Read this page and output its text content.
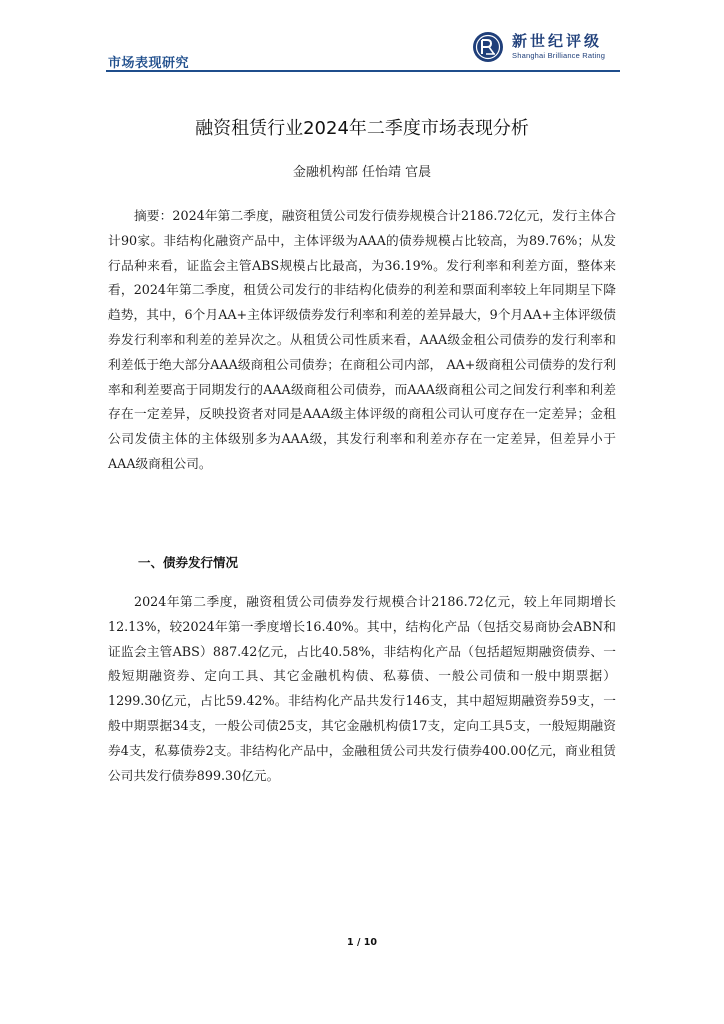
市场表现研究
新世纪评级
Shanghai Brilliance Rating
融资租赁行业2024年二季度市场表现分析
金融机构部 任怡靖 官晨

摘要：2024年第二季度，融资租赁公司发行债券规模合计2186.72亿元，发行主体合计90家。非结构化融资产品中，主体评级为AAA的债券规模占比较高，为89.76%；从发行品种来看，证监会主管ABS规模占比最高，为36.19%。发行利率和利差方面，整体来看，2024年第二季度，租赁公司发行的非结构化债券的利差和票面利率较上年同期呈下降趋势，其中，6个月AA+主体评级债券发行利率和利差的差异最大，9个月AA+主体评级债券发行利率和利差的差异次之。从租赁公司性质来看，AAA级金租公司债券的发行利率和利差低于绝大部分AAA级商租公司债券；在商租公司内部， AA+级商租公司债券的发行利率和利差要高于同期发行的AAA级商租公司债券，而AAA级商租公司之间发行利率和利差存在一定差异，反映投资者对同是AAA级主体评级的商租公司认可度存在一定差异；金租公司发债主体的主体级别多为AAA级，其发行利率和利差亦存在一定差异，但差异小于AAA级商租公司。

一、债券发行情况

2024年第二季度，融资租赁公司债券发行规模合计2186.72亿元，较上年同期增长12.13%，较2024年第一季度增长16.40%。其中，结构化产品（包括交易商协会ABN和证监会主管ABS）887.42亿元，占比40.58%，非结构化产品（包括超短期融资债券、一般短期融资券、定向工具、其它金融机构债、私募债、一般公司债和一般中期票据）1299.30亿元，占比59.42%。非结构化产品共发行146支，其中超短期融资券59支，一般中期票据34支，一般公司债25支，其它金融机构债17支，定向工具5支，一般短期融资券4支，私募债券2支。非结构化产品中，金融租赁公司共发行债券400.00亿元，商业租赁公司共发行债券899.30亿元。

1 / 10
